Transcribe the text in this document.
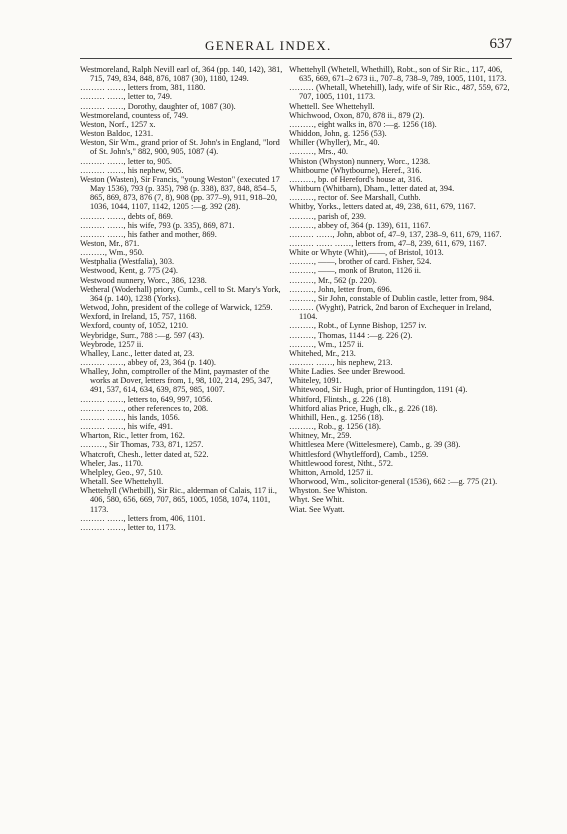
GENERAL INDEX.	637

Westmoreland, Ralph Nevill earl of, 364 (pp. 140, 142), 381, 715, 749, 834, 848, 876, 1087 (30), 1180, 1249.

……… ……, letters from, 381, 1180.

……… ……, letter to, 749.

……… ……, Dorothy, daughter of, 1087 (30).

Westmoreland, countess of, 749.

Weston, Norf., 1257 x.

Weston Baldoc, 1231.

Weston, Sir Wm., grand prior of St. John's in England, "lord of St. John's," 882, 900, 905, 1087 (4).

……… ……, letter to, 905.

……… ……, his nephew, 905.

Weston (Wasten), Sir Francis, "young Weston" (executed 17 May 1536), 793 (p. 335), 798 (p. 338), 837, 848, 854–5, 865, 869, 873, 876 (7, 8), 908 (pp. 377–9), 911, 918–20, 1036, 1044, 1107, 1142, 1205 :—g. 392 (28).

……… ……, debts of, 869.

……… ……, his wife, 793 (p. 335), 869, 871.

……… ……, his father and mother, 869.

Weston, Mr., 871.

………, Wm., 950.

Westphalia (Westfalia), 303.

Westwood, Kent, g. 775 (24).

Westwood nunnery, Worc., 386, 1238.

Wetheral (Woderhall) priory, Cumb., cell to St. Mary's York, 364 (p. 140), 1238 (Yorks).

Wetwod, John, president of the college of Warwick, 1259.

Wexford, in Ireland, 15, 757, 1168.

Wexford, county of, 1052, 1210.

Weybridge, Surr., 788 :—g. 597 (43).

Weybrode, 1257 ii.

Whalley, Lanc., letter dated at, 23.

……… ……, abbey of, 23, 364 (p. 140).

Whalley, John, comptroller of the Mint, paymaster of the works at Dover, letters from, 1, 98, 102, 214, 295, 347, 491, 537, 614, 634, 639, 875, 985, 1007.

……… ……, letters to, 649, 997, 1056.

……… ……, other references to, 208.

……… ……, his lands, 1056.

……… ……, his wife, 491.

Wharton, Ric., letter from, 162.

………, Sir Thomas, 733, 871, 1257.

Whatcroft, Chesh., letter dated at, 522.

Wheler, Jas., 1170.

Whelpley, Geo., 97, 510.

Whetall. See Whettehyll.

Whettehyll (Whetbill), Sir Ric., alderman of Calais, 117 ii., 406, 580, 656, 669, 707, 865, 1005, 1058, 1074, 1101, 1173.

……… ……, letters from, 406, 1101.

……… ……, letter to, 1173.

Whettehyll (Whetell, Whethill), Robt., son of Sir Ric., 117, 406, 635, 669, 671–2 673 ii., 707–8, 738–9, 789, 1005, 1101, 1173.

……… (Whetall, Whetehill), lady, wife of Sir Ric., 487, 559, 672, 707, 1005, 1101, 1173.

Whettell. See Whettehyll.

Whichwood, Oxon, 870, 878 ii., 879 (2).

………, eight walks in, 870 :—g. 1256 (18).

Whiddon, John, g. 1256 (53).

Whiller (Whyller), Mr., 40.

………, Mrs., 40.

Whiston (Whyston) nunnery, Worc., 1238.

Whitbourne (Whytbourne), Heref., 316.

………, bp. of Hereford's house at, 316.

Whitburn (Whitbarn), Dham., letter dated at, 394.

………, rector of. See Marshall, Cuthb.

Whitby, Yorks., letters dated at, 49, 238, 611, 679, 1167.

………, parish of, 239.

………, abbey of, 364 (p. 139), 611, 1167.

……… ……, John, abbot of, 47–9, 137, 238–9, 611, 679, 1167.

……… …… ……, letters from, 47–8, 239, 611, 679, 1167.

White or Whyte (Whit),——, of Bristol, 1013.

………, ——, brother of card. Fisher, 524.

………, ——, monk of Bruton, 1126 ii.

………, Mr., 562 (p. 220).

………, John, letter from, 696.

………, Sir John, constable of Dublin castle, letter from, 984.

……… (Wyght), Patrick, 2nd baron of Exchequer in Ireland, 1104.

………, Robt., of Lynne Bishop, 1257 iv.

………, Thomas, 1144 :—g. 226 (2).

………, Wm., 1257 ii.

Whitehed, Mr., 213.

……… ……, his nephew, 213.

White Ladies. See under Brewood.

Whiteley, 1091.

Whitewood, Sir Hugh, prior of Huntingdon, 1191 (4).

Whitford, Flintsh., g. 226 (18).

Whitford alias Price, Hugh, clk., g. 226 (18).

Whithill, Hen., g. 1256 (18).

………, Rob., g. 1256 (18).

Whitney, Mr., 259.

Whittlesea Mere (Wittelesmere), Camb., g. 39 (38).

Whittlesford (Whytlefford), Camb., 1259.

Whittlewood forest, Ntht., 572.

Whitton, Arnold, 1257 ii.

Whorwood, Wm., solicitor-general (1536), 662 :—g. 775 (21).

Whyston. See Whiston.

Whyt. See Whit.

Wiat. See Wyatt.
